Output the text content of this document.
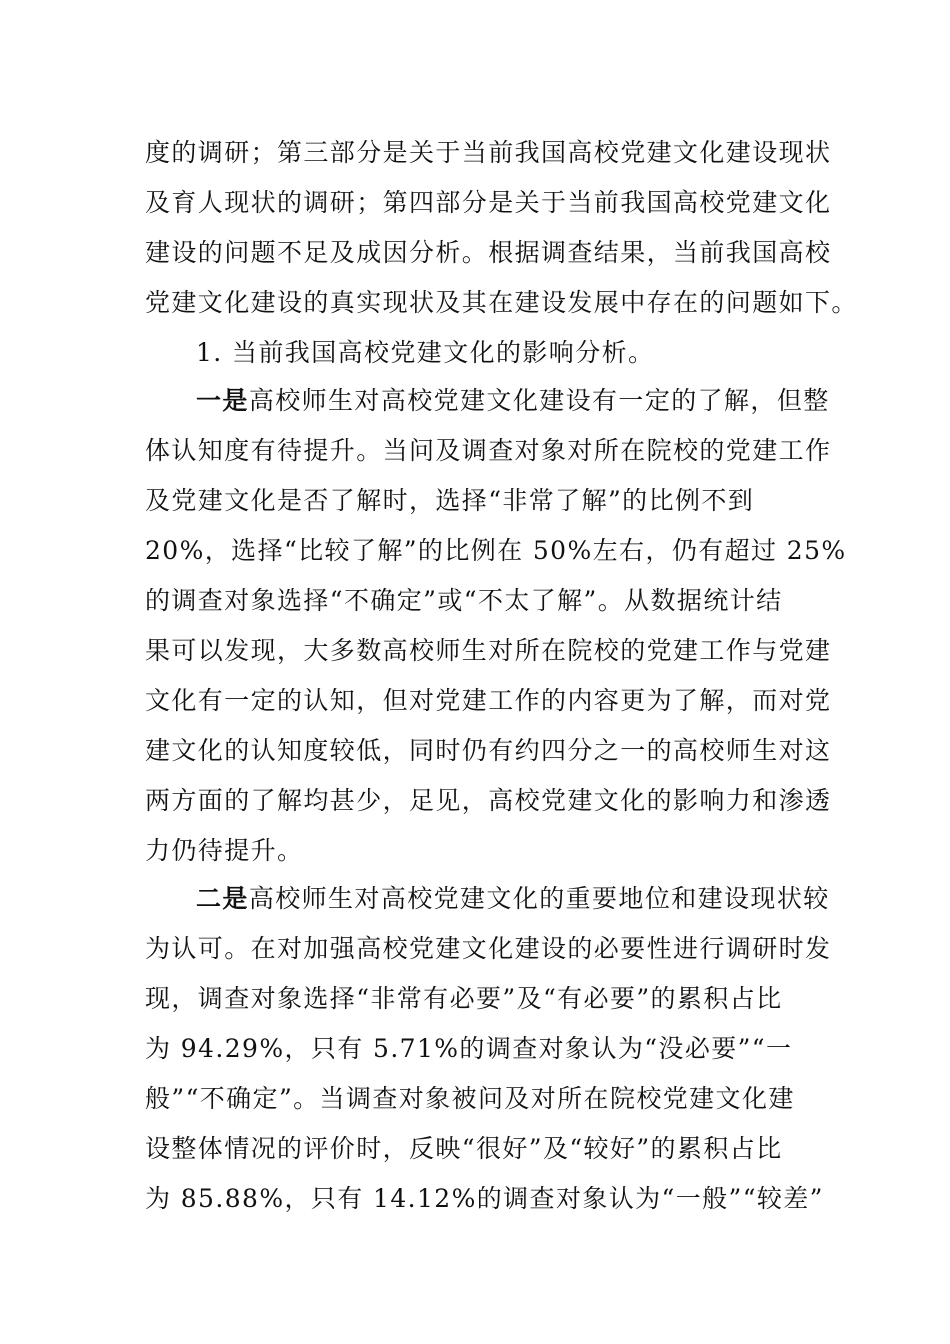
度的调研；第三部分是关于当前我国高校党建文化建设现状
及育人现状的调研；第四部分是关于当前我国高校党建文化
建设的问题不足及成因分析。根据调查结果，当前我国高校
党建文化建设的真实现状及其在建设发展中存在的问题如下。
1. 当前我国高校党建文化的影响分析。
一是高校师生对高校党建文化建设有一定的了解，但整
体认知度有待提升。当问及调查对象对所在院校的党建工作
及党建文化是否了解时，选择“非常了解”的比例不到
20%，选择“比较了解”的比例在 50%左右，仍有超过 25%
的调查对象选择“不确定”或“不太了解”。从数据统计结
果可以发现，大多数高校师生对所在院校的党建工作与党建
文化有一定的认知，但对党建工作的内容更为了解，而对党
建文化的认知度较低，同时仍有约四分之一的高校师生对这
两方面的了解均甚少，足见，高校党建文化的影响力和渗透
力仍待提升。
二是高校师生对高校党建文化的重要地位和建设现状较
为认可。在对加强高校党建文化建设的必要性进行调研时发
现，调查对象选择“非常有必要”及“有必要”的累积占比
为 94.29%，只有 5.71%的调查对象认为“没必要”“一
般”“不确定”。当调查对象被问及对所在院校党建文化建
设整体情况的评价时，反映“很好”及“较好”的累积占比
为 85.88%，只有 14.12%的调查对象认为“一般”“较差”
